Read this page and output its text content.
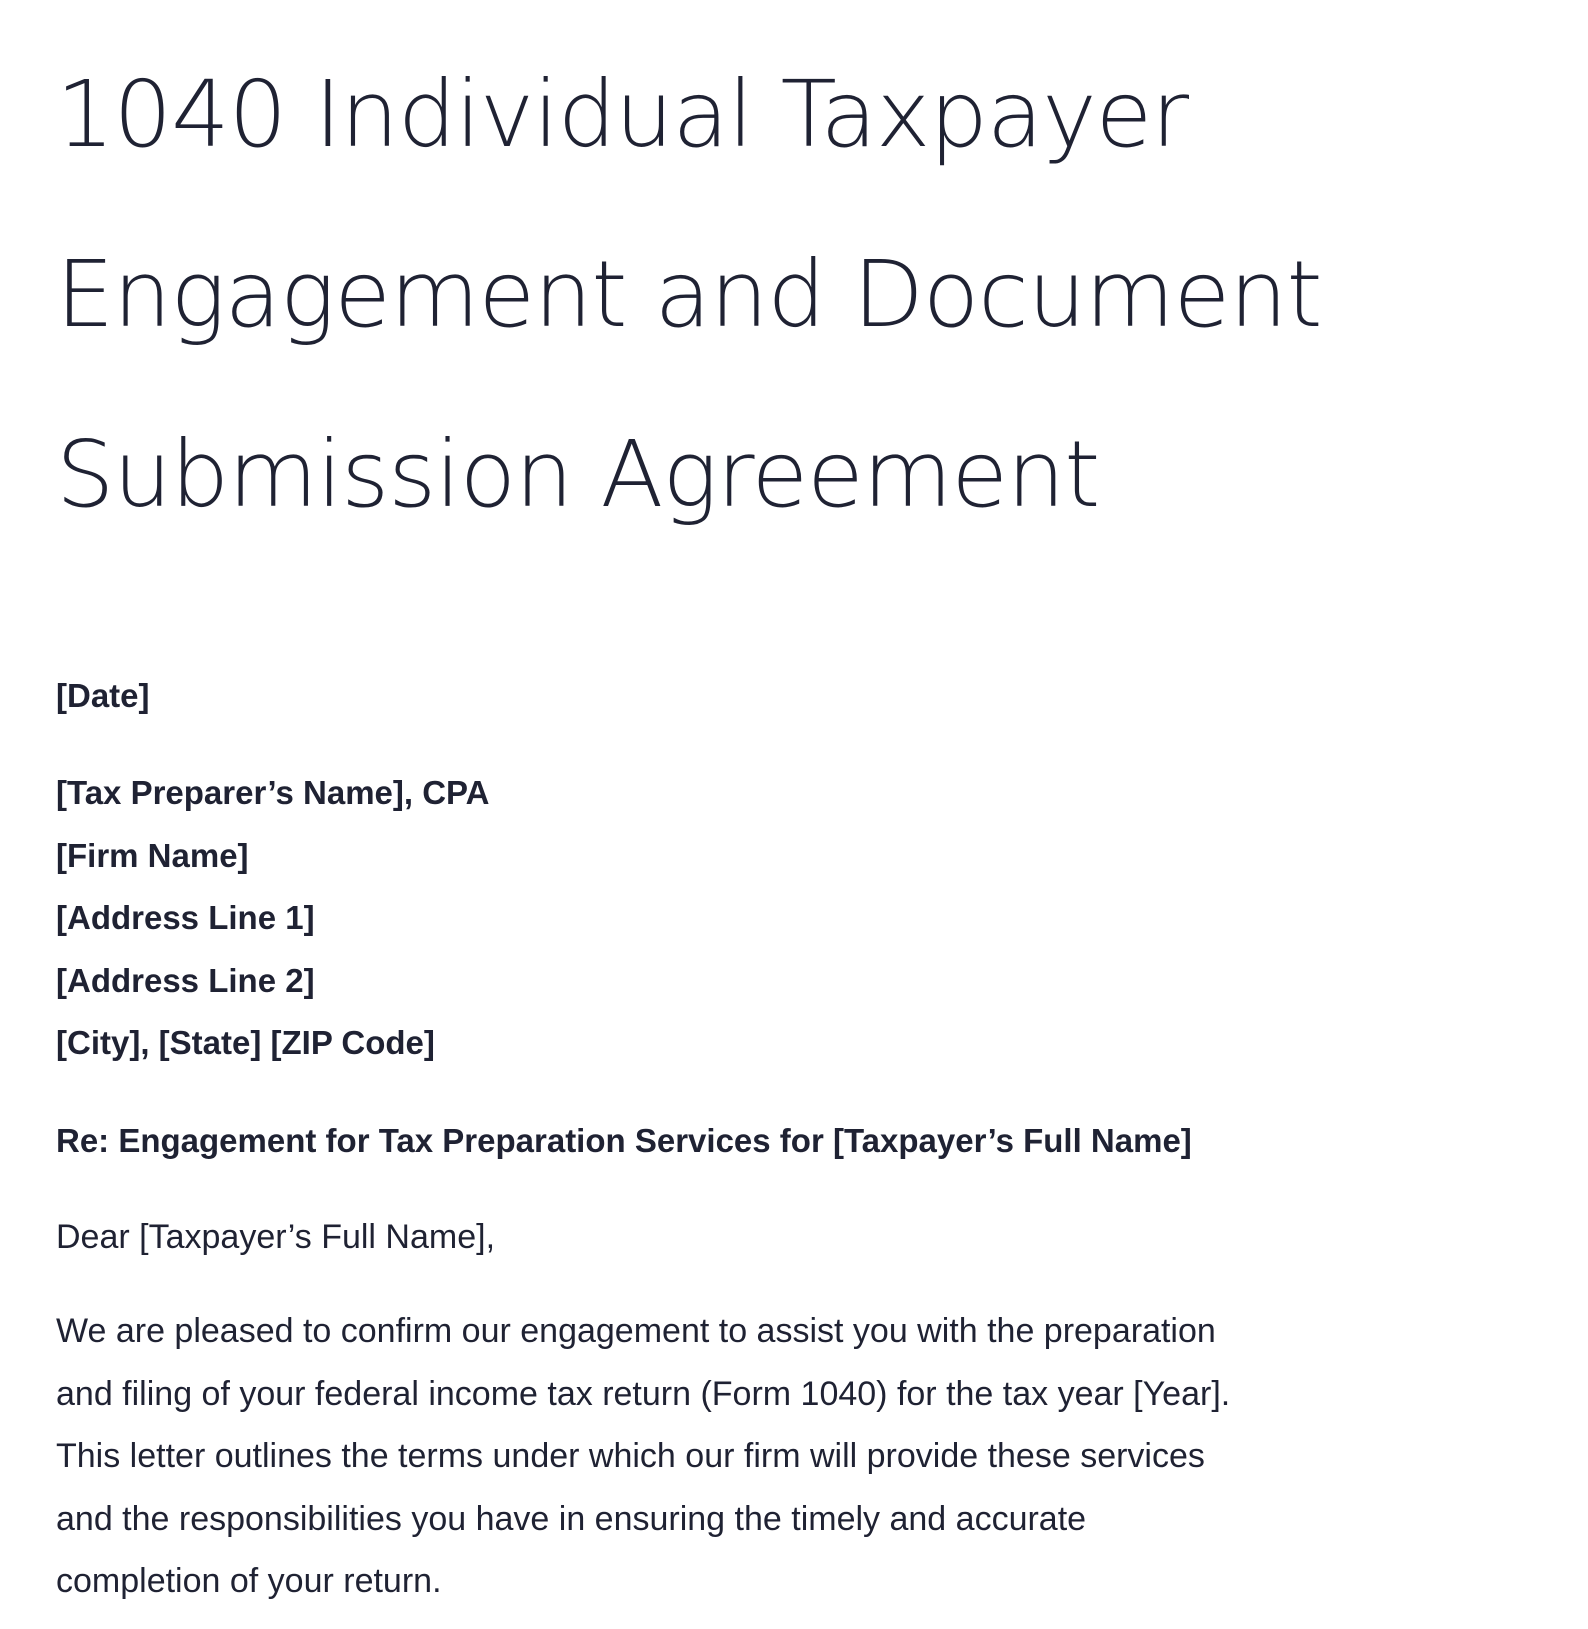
1040 Individual Taxpayer
Engagement and Document
Submission Agreement
[Date]
[Tax Preparer’s Name], CPA
[Firm Name]
[Address Line 1]
[Address Line 2]
[City], [State] [ZIP Code]
Re: Engagement for Tax Preparation Services for [Taxpayer’s Full Name]
Dear [Taxpayer’s Full Name],
We are pleased to confirm our engagement to assist you with the preparation
and filing of your federal income tax return (Form 1040) for the tax year [Year].
This letter outlines the terms under which our firm will provide these services
and the responsibilities you have in ensuring the timely and accurate
completion of your return.
